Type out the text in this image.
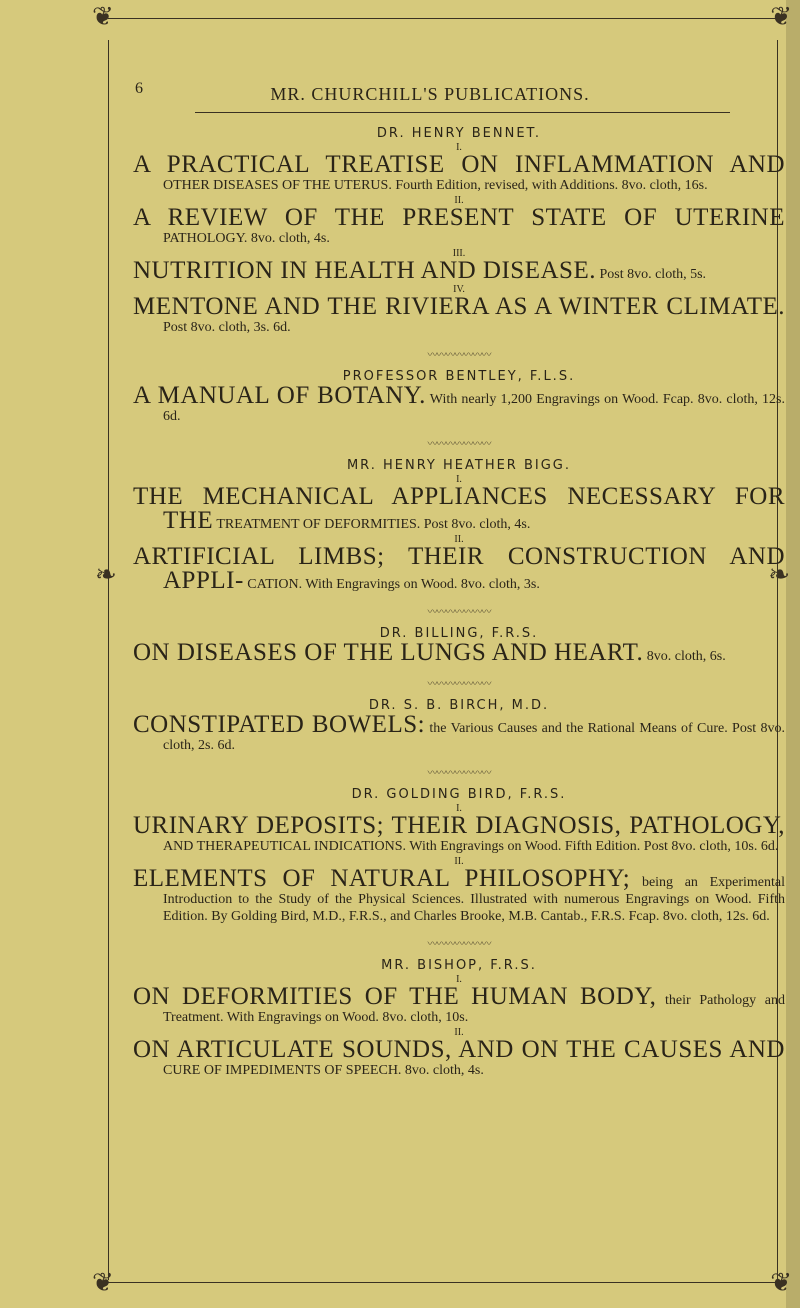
❦	❦
❦	❦
❧	❧
6	MR. CHURCHILL'S PUBLICATIONS.
DR. HENRY BENNET.
I.
A PRACTICAL TREATISE ON INFLAMMATION AND OTHER DISEASES OF THE UTERUS. Fourth Edition, revised, with Additions. 8vo. cloth, 16s.
II.
A REVIEW OF THE PRESENT STATE OF UTERINE PATHOLOGY. 8vo. cloth, 4s.
III.
NUTRITION IN HEALTH AND DISEASE. Post 8vo. cloth, 5s.
IV.
MENTONE AND THE RIVIERA AS A WINTER CLIMATE. Post 8vo. cloth, 3s. 6d.
〰〰〰〰〰〰〰
PROFESSOR BENTLEY, F.L.S.
A MANUAL OF BOTANY. With nearly 1,200 Engravings on Wood. Fcap. 8vo. cloth, 12s. 6d.
〰〰〰〰〰〰〰
MR. HENRY HEATHER BIGG.
I.
THE MECHANICAL APPLIANCES NECESSARY FOR THE TREATMENT OF DEFORMITIES. Post 8vo. cloth, 4s.
II.
ARTIFICIAL LIMBS; THEIR CONSTRUCTION AND APPLI- CATION. With Engravings on Wood. 8vo. cloth, 3s.
〰〰〰〰〰〰〰
DR. BILLING, F.R.S.
ON DISEASES OF THE LUNGS AND HEART. 8vo. cloth, 6s.
〰〰〰〰〰〰〰
DR. S. B. BIRCH, M.D.
CONSTIPATED BOWELS: the Various Causes and the Rational Means of Cure. Post 8vo. cloth, 2s. 6d.
〰〰〰〰〰〰〰
DR. GOLDING BIRD, F.R.S.
I.
URINARY DEPOSITS; THEIR DIAGNOSIS, PATHOLOGY, AND THERAPEUTICAL INDICATIONS. With Engravings on Wood. Fifth Edition. Post 8vo. cloth, 10s. 6d.
II.
ELEMENTS OF NATURAL PHILOSOPHY; being an Experimental Introduction to the Study of the Physical Sciences. Illustrated with numerous Engravings on Wood. Fifth Edition. By Golding Bird, M.D., F.R.S., and Charles Brooke, M.B. Cantab., F.R.S. Fcap. 8vo. cloth, 12s. 6d.
〰〰〰〰〰〰〰
MR. BISHOP, F.R.S.
I.
ON DEFORMITIES OF THE HUMAN BODY, their Pathology and Treatment. With Engravings on Wood. 8vo. cloth, 10s.
II.
ON ARTICULATE SOUNDS, AND ON THE CAUSES AND CURE OF IMPEDIMENTS OF SPEECH. 8vo. cloth, 4s.
